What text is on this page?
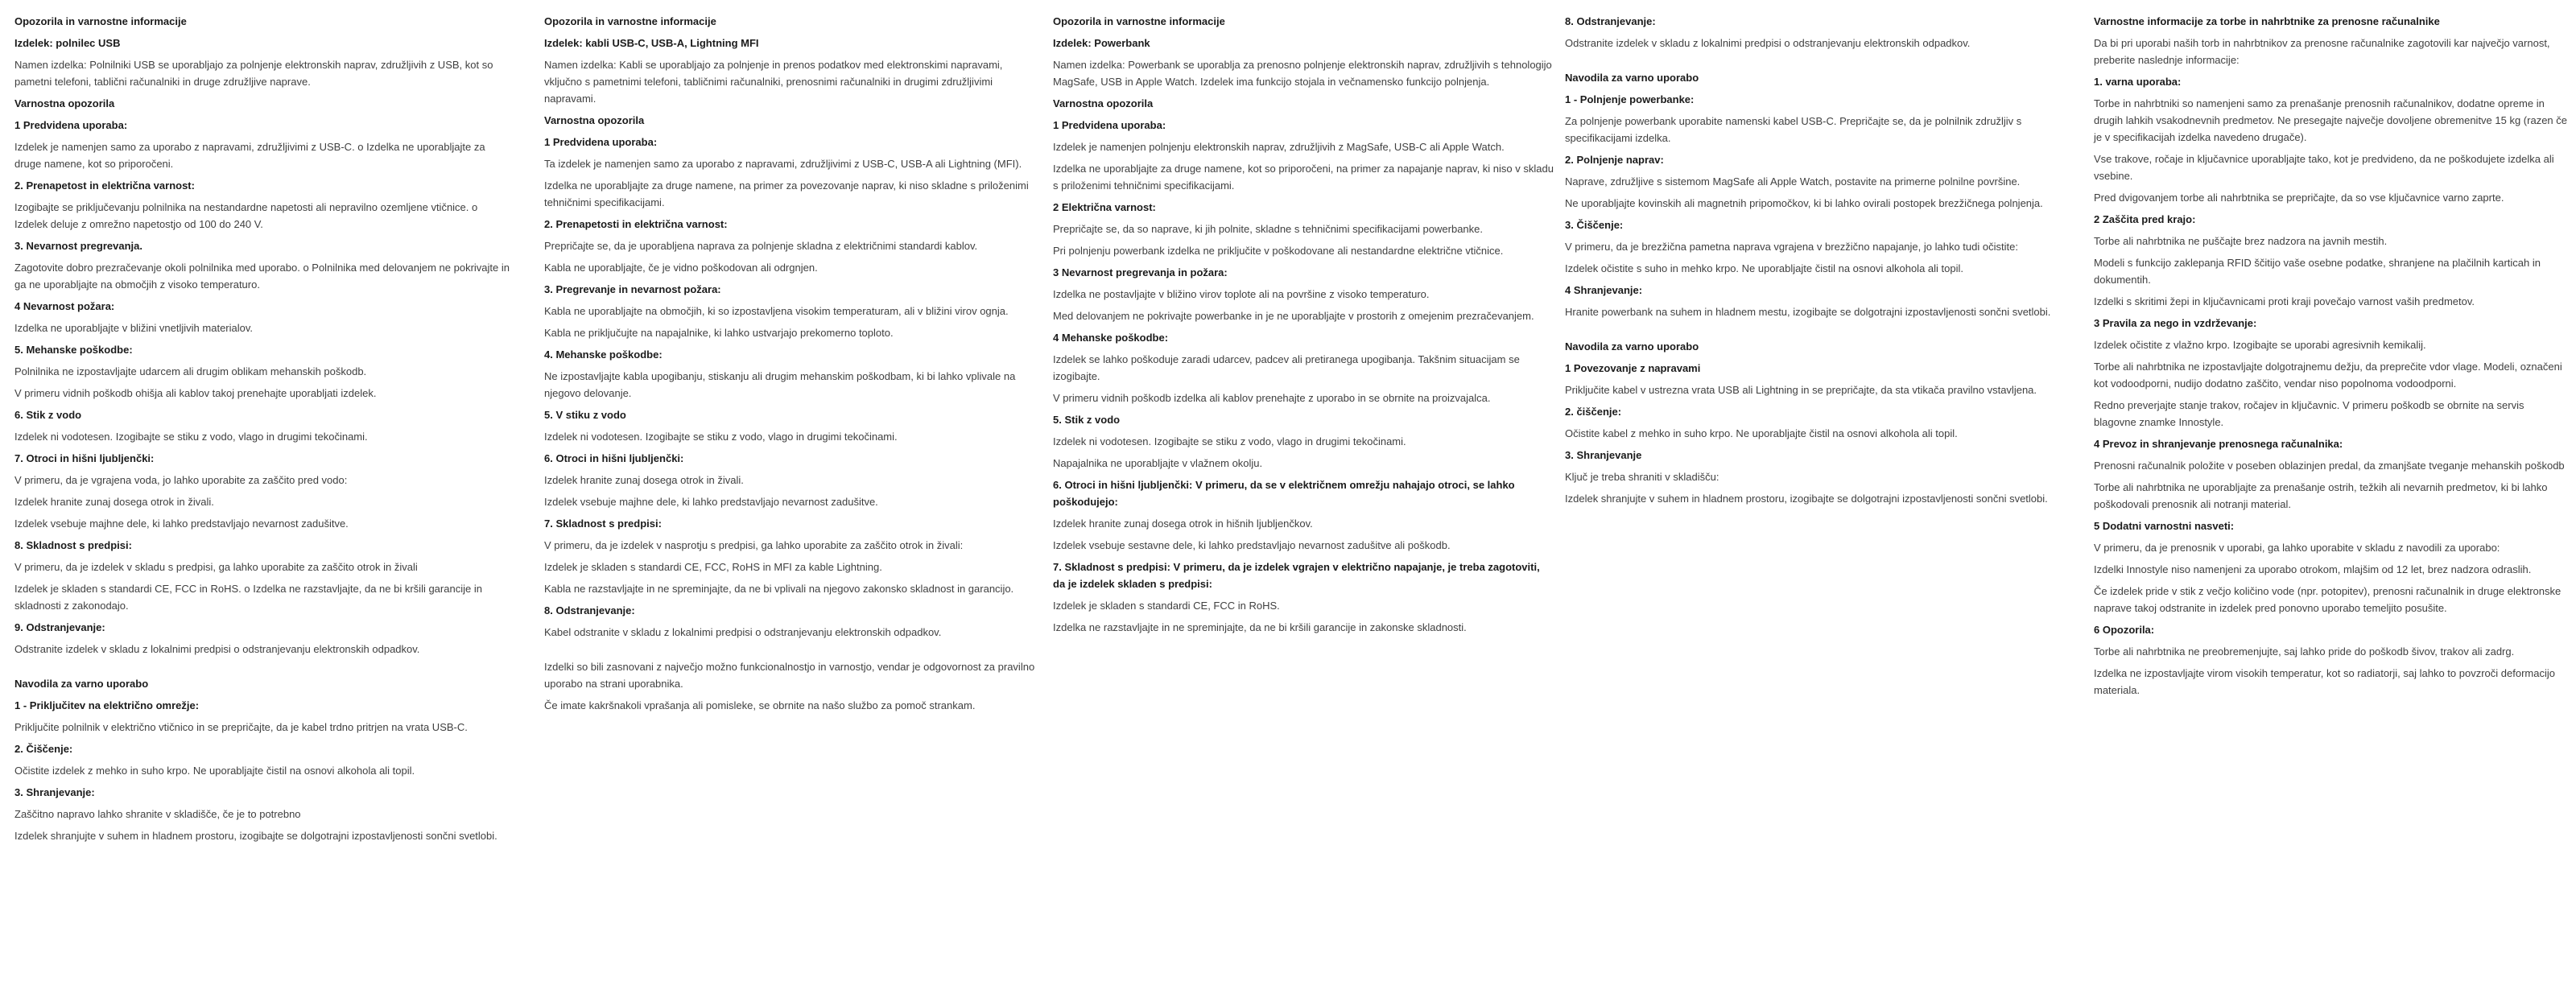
Opozorila in varnostne informacije

Izdelek: polnilec USB

Namen izdelka: Polnilniki USB se uporabljajo za polnjenje elektronskih naprav, združljivih z USB, kot so pametni telefoni, tablični računalniki in druge združljive naprave.

Varnostna opozorila

1 Predvidena uporaba:

Izdelek je namenjen samo za uporabo z napravami, združljivimi z USB-C. o Izdelka ne uporabljajte za druge namene, kot so priporočeni.

2. Prenapetost in električna varnost:

Izogibajte se priključevanju polnilnika na nestandardne napetosti ali nepravilno ozemljene vtičnice. o Izdelek deluje z omrežno napetostjo od 100 do 240 V.

3. Nevarnost pregrevanja.

Zagotovite dobro prezračevanje okoli polnilnika med uporabo. o Polnilnika med delovanjem ne pokrivajte in ga ne uporabljajte na območjih z visoko temperaturo.

4 Nevarnost požara:

Izdelka ne uporabljajte v bližini vnetljivih materialov.

5. Mehanske poškodbe:

Polnilnika ne izpostavljajte udarcem ali drugim oblikam mehanskih poškodb.

V primeru vidnih poškodb ohišja ali kablov takoj prenehajte uporabljati izdelek.

6. Stik z vodo

Izdelek ni vodotesen. Izogibajte se stiku z vodo, vlago in drugimi tekočinami.

7. Otroci in hišni ljubljenčki:

V primeru, da je vgrajena voda, jo lahko uporabite za zaščito pred vodo:

Izdelek hranite zunaj dosega otrok in živali.

Izdelek vsebuje majhne dele, ki lahko predstavljajo nevarnost zadušitve.

8. Skladnost s predpisi:

V primeru, da je izdelek v skladu s predpisi, ga lahko uporabite za zaščito otrok in živali

Izdelek je skladen s standardi CE, FCC in RoHS. o Izdelka ne razstavljajte, da ne bi kršili garancije in skladnosti z zakonodajo.

9. Odstranjevanje:

Odstranite izdelek v skladu z lokalnimi predpisi o odstranjevanju elektronskih odpadkov.

Navodila za varno uporabo

1 - Priključitev na električno omrežje:

Priključite polnilnik v električno vtičnico in se prepričajte, da je kabel trdno pritrjen na vrata USB-C.

2. Čiščenje:

Očistite izdelek z mehko in suho krpo. Ne uporabljajte čistil na osnovi alkohola ali topil.

3. Shranjevanje:

Zaščitno napravo lahko shranite v skladišče, če je to potrebno

Izdelek shranjujte v suhem in hladnem prostoru, izogibajte se dolgotrajni izpostavljenosti sončni svetlobi.

Opozorila in varnostne informacije

Izdelek: kabli USB-C, USB-A, Lightning MFI

Namen izdelka: Kabli se uporabljajo za polnjenje in prenos podatkov med elektronskimi napravami, vključno s pametnimi telefoni, tabličnimi računalniki, prenosnimi računalniki in drugimi združljivimi napravami.

Varnostna opozorila

1 Predvidena uporaba:

Ta izdelek je namenjen samo za uporabo z napravami, združljivimi z USB-C, USB-A ali Lightning (MFI).

Izdelka ne uporabljajte za druge namene, na primer za povezovanje naprav, ki niso skladne s priloženimi tehničnimi specifikacijami.

2. Prenapetosti in električna varnost:

Prepričajte se, da je uporabljena naprava za polnjenje skladna z električnimi standardi kablov.

Kabla ne uporabljajte, če je vidno poškodovan ali odrgnjen.

3. Pregrevanje in nevarnost požara:

Kabla ne uporabljajte na območjih, ki so izpostavljena visokim temperaturam, ali v bližini virov ognja.

Kabla ne priključujte na napajalnike, ki lahko ustvarjajo prekomerno toploto.

4. Mehanske poškodbe:

Ne izpostavljajte kabla upogibanju, stiskanju ali drugim mehanskim poškodbam, ki bi lahko vplivale na njegovo delovanje.

5. V stiku z vodo

Izdelek ni vodotesen. Izogibajte se stiku z vodo, vlago in drugimi tekočinami.

6. Otroci in hišni ljubljenčki:

Izdelek hranite zunaj dosega otrok in živali.

Izdelek vsebuje majhne dele, ki lahko predstavljajo nevarnost zadušitve.

7. Skladnost s predpisi:

V primeru, da je izdelek v nasprotju s predpisi, ga lahko uporabite za zaščito otrok in živali:

Izdelek je skladen s standardi CE, FCC, RoHS in MFI za kable Lightning.

Kabla ne razstavljajte in ne spreminjajte, da ne bi vplivali na njegovo zakonsko skladnost in garancijo.

8. Odstranjevanje:

Kabel odstranite v skladu z lokalnimi predpisi o odstranjevanju elektronskih odpadkov.

Izdelki so bili zasnovani z največjo možno funkcionalnostjo in varnostjo, vendar je odgovornost za pravilno uporabo na strani uporabnika.

Če imate kakršnakoli vprašanja ali pomisleke, se obrnite na našo službo za pomoč strankam.

Opozorila in varnostne informacije

Izdelek: Powerbank

Namen izdelka: Powerbank se uporablja za prenosno polnjenje elektronskih naprav, združljivih s tehnologijo MagSafe, USB in Apple Watch. Izdelek ima funkcijo stojala in večnamensko funkcijo polnjenja.

Varnostna opozorila

1 Predvidena uporaba:

Izdelek je namenjen polnjenju elektronskih naprav, združljivih z MagSafe, USB-C ali Apple Watch.

Izdelka ne uporabljajte za druge namene, kot so priporočeni, na primer za napajanje naprav, ki niso v skladu s priloženimi tehničnimi specifikacijami.

2 Električna varnost:

Prepričajte se, da so naprave, ki jih polnite, skladne s tehničnimi specifikacijami powerbanke.

Pri polnjenju powerbank izdelka ne priključite v poškodovane ali nestandardne električne vtičnice.

3 Nevarnost pregrevanja in požara:

Izdelka ne postavljajte v bližino virov toplote ali na površine z visoko temperaturo.

Med delovanjem ne pokrivajte powerbanke in je ne uporabljajte v prostorih z omejenim prezračevanjem.

4 Mehanske poškodbe:

Izdelek se lahko poškoduje zaradi udarcev, padcev ali pretiranega upogibanja. Takšnim situacijam se izogibajte.

V primeru vidnih poškodb izdelka ali kablov prenehajte z uporabo in se obrnite na proizvajalca.

5. Stik z vodo

Izdelek ni vodotesen. Izogibajte se stiku z vodo, vlago in drugimi tekočinami.

Napajalnika ne uporabljajte v vlažnem okolju.

6. Otroci in hišni ljubljenčki: V primeru, da se v električnem omrežju nahajajo otroci, se lahko poškodujejo:

Izdelek hranite zunaj dosega otrok in hišnih ljubljenčkov.

Izdelek vsebuje sestavne dele, ki lahko predstavljajo nevarnost zadušitve ali poškodb.

7. Skladnost s predpisi: V primeru, da je izdelek vgrajen v električno napajanje, je treba zagotoviti, da je izdelek skladen s predpisi:

Izdelek je skladen s standardi CE, FCC in RoHS.

Izdelka ne razstavljajte in ne spreminjajte, da ne bi kršili garancije in zakonske skladnosti.

8. Odstranjevanje:

Odstranite izdelek v skladu z lokalnimi predpisi o odstranjevanju elektronskih odpadkov.

Navodila za varno uporabo

1 - Polnjenje powerbanke:

Za polnjenje powerbank uporabite namenski kabel USB-C. Prepričajte se, da je polnilnik združljiv s specifikacijami izdelka.

2. Polnjenje naprav:

Naprave, združljive s sistemom MagSafe ali Apple Watch, postavite na primerne polnilne površine.

Ne uporabljajte kovinskih ali magnetnih pripomočkov, ki bi lahko ovirali postopek brezžičnega polnjenja.

3. Čiščenje:

V primeru, da je brezžična pametna naprava vgrajena v brezžično napajanje, jo lahko tudi očistite:

Izdelek očistite s suho in mehko krpo. Ne uporabljajte čistil na osnovi alkohola ali topil.

4 Shranjevanje:

Hranite powerbank na suhem in hladnem mestu, izogibajte se dolgotrajni izpostavljenosti sončni svetlobi.

Navodila za varno uporabo

1 Povezovanje z napravami

Priključite kabel v ustrezna vrata USB ali Lightning in se prepričajte, da sta vtikača pravilno vstavljena.

2. čiščenje:

Očistite kabel z mehko in suho krpo. Ne uporabljajte čistil na osnovi alkohola ali topil.

3. Shranjevanje

Ključ je treba shraniti v skladišču:

Izdelek shranjujte v suhem in hladnem prostoru, izogibajte se dolgotrajni izpostavljenosti sončni svetlobi.

Varnostne informacije za torbe in nahrbtnike za prenosne računalnike

Da bi pri uporabi naših torb in nahrbtnikov za prenosne računalnike zagotovili kar največjo varnost, preberite naslednje informacije:

1. varna uporaba:

Torbe in nahrbtniki so namenjeni samo za prenašanje prenosnih računalnikov, dodatne opreme in drugih lahkih vsakodnevnih predmetov. Ne presegajte največje dovoljene obremenitve 15 kg (razen če je v specifikacijah izdelka navedeno drugače).

Vse trakove, ročaje in ključavnice uporabljajte tako, kot je predvideno, da ne poškodujete izdelka ali vsebine.

Pred dvigovanjem torbe ali nahrbtnika se prepričajte, da so vse ključavnice varno zaprte.

2 Zaščita pred krajo:

Torbe ali nahrbtnika ne puščajte brez nadzora na javnih mestih.

Modeli s funkcijo zaklepanja RFID ščitijo vaše osebne podatke, shranjene na plačilnih karticah in dokumentih.

Izdelki s skritimi žepi in ključavnicami proti kraji povečajo varnost vaših predmetov.

3 Pravila za nego in vzdrževanje:

Izdelek očistite z vlažno krpo. Izogibajte se uporabi agresivnih kemikalij.

Torbe ali nahrbtnika ne izpostavljajte dolgotrajnemu dežju, da preprečite vdor vlage. Modeli, označeni kot vodoodporni, nudijo dodatno zaščito, vendar niso popolnoma vodoodporni.

Redno preverjajte stanje trakov, ročajev in ključavnic. V primeru poškodb se obrnite na servis blagovne znamke Innostyle.

4 Prevoz in shranjevanje prenosnega računalnika:

Prenosni računalnik položite v poseben oblazinjen predal, da zmanjšate tveganje mehanskih poškodb

Torbe ali nahrbtnika ne uporabljajte za prenašanje ostrih, težkih ali nevarnih predmetov, ki bi lahko poškodovali prenosnik ali notranji material.

5 Dodatni varnostni nasveti:

V primeru, da je prenosnik v uporabi, ga lahko uporabite v skladu z navodili za uporabo:

Izdelki Innostyle niso namenjeni za uporabo otrokom, mlajšim od 12 let, brez nadzora odraslih.

Če izdelek pride v stik z večjo količino vode (npr. potopitev), prenosni računalnik in druge elektronske naprave takoj odstranite in izdelek pred ponovno uporabo temeljito posušite.

6 Opozorila:

Torbe ali nahrbtnika ne preobremenjujte, saj lahko pride do poškodb šivov, trakov ali zadrg.

Izdelka ne izpostavljajte virom visokih temperatur, kot so radiatorji, saj lahko to povzroči deformacijo materiala.
